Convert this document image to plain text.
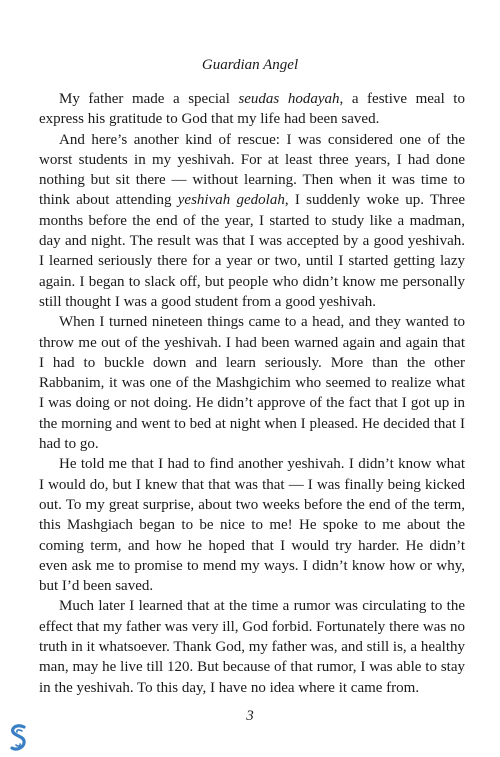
Guardian Angel

My father made a special seudas hodayah, a festive meal to express his gratitude to God that my life had been saved.

And here’s another kind of rescue: I was considered one of the worst students in my yeshivah. For at least three years, I had done nothing but sit there — without learning. Then when it was time to think about attending yeshivah gedolah, I suddenly woke up. Three months before the end of the year, I started to study like a madman, day and night. The result was that I was accepted by a good yeshivah. I learned seriously there for a year or two, until I started getting lazy again. I began to slack off, but people who didn’t know me personally still thought I was a good student from a good yeshivah.

When I turned nineteen things came to a head, and they wanted to throw me out of the yeshivah. I had been warned again and again that I had to buckle down and learn seriously. More than the other Rabbanim, it was one of the Mashgichim who seemed to realize what I was doing or not doing. He didn’t approve of the fact that I got up in the morning and went to bed at night when I pleased. He decided that I had to go.

He told me that I had to find another yeshivah. I didn’t know what I would do, but I knew that that was that — I was finally being kicked out. To my great surprise, about two weeks before the end of the term, this Mashgiach began to be nice to me! He spoke to me about the coming term, and how he hoped that I would try harder. He didn’t even ask me to promise to mend my ways. I didn’t know how or why, but I’d been saved.

Much later I learned that at the time a rumor was circulating to the effect that my father was very ill, God forbid. Fortunately there was no truth in it whatsoever. Thank God, my father was, and still is, a healthy man, may he live till 120. But because of that rumor, I was able to stay in the yeshivah. To this day, I have no idea where it came from.

3
